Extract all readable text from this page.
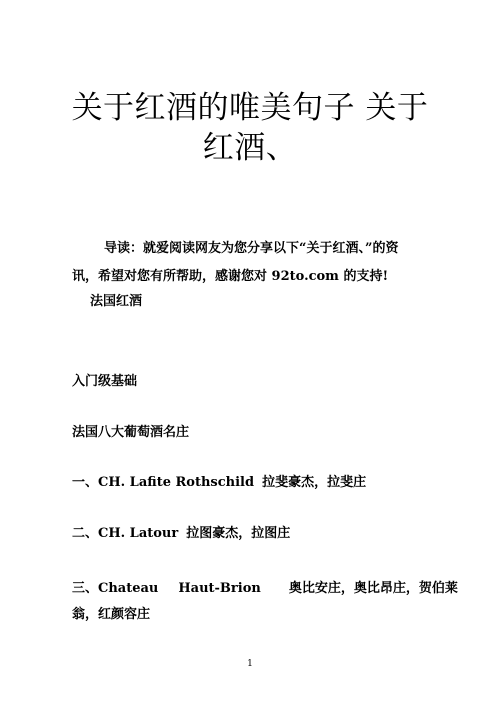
关于红酒的唯美句子 关于
红酒、

导读：就爱阅读网友为您分享以下“关于红酒、”的资

讯，希望对您有所帮助，感谢您对 92to.com 的支持!

法国红酒

入门级基础

法国八大葡萄酒名庄

一、CH. Lafite Rothschild 拉斐豪杰，拉斐庄

二、CH. Latour 拉图豪杰，拉图庄

三、Chateau Haut-Brion 奥比安庄，奥比昂庄，贺伯莱

翁，红颜容庄

1
